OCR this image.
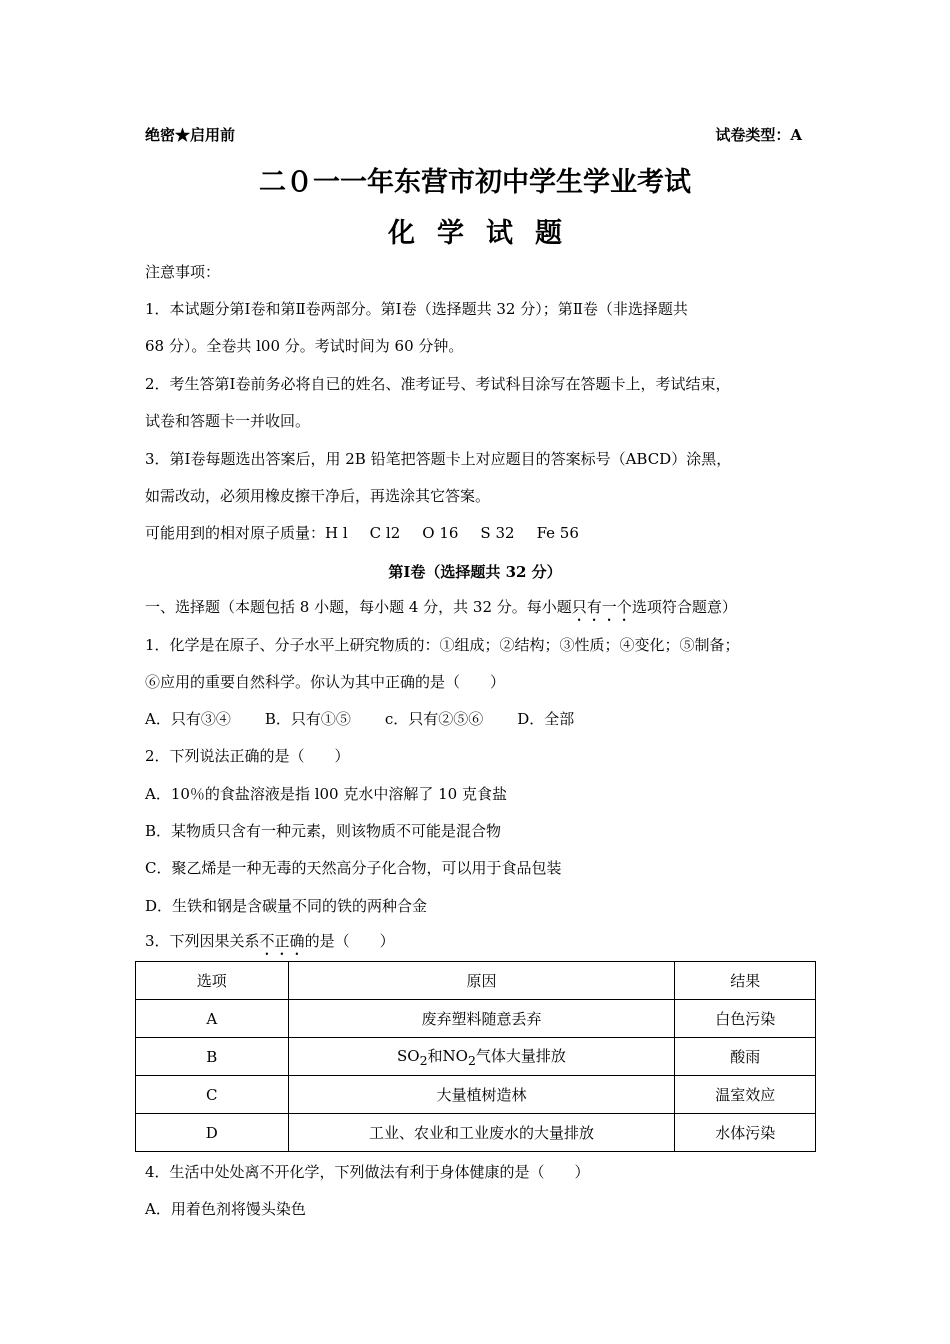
绝密★启用前	试卷类型：A
二０一一年东营市初中学生学业考试
化学试题
注意事项：
1．本试题分第Ⅰ卷和第Ⅱ卷两部分。第Ⅰ卷（选择题共 32 分）；第Ⅱ卷（非选择题共
68 分）。全卷共 l00 分。考试时间为 60 分钟。
2．考生答第Ⅰ卷前务必将自已的姓名、准考证号、考试科目涂写在答题卡上，考试结束，
试卷和答题卡一并收回。
3．第Ⅰ卷每题选出答案后，用 2B 铅笔把答题卡上对应题目的答案标号（ABCD）涂黑，
如需改动，必须用橡皮擦干净后，再选涂其它答案。
可能用到的相对原子质量：H l C l2 O 16 S 32 Fe 56
第Ⅰ卷（选择题共 32 分）
一、选择题（本题包括 8 小题，每小题 4 分，共 32 分。每小题只有一个选项符合题意）
1．化学是在原子、分子水平上研究物质的：①组成；②结构；③性质；④变化；⑤制备；
⑥应用的重要自然科学。你认为其中正确的是（　　）
A．只有③④ B．只有①⑤ c．只有②⑤⑥ D．全部
2．下列说法正确的是（　　）
A．10％的食盐溶液是指 l00 克水中溶解了 10 克食盐
B．某物质只含有一种元素，则该物质不可能是混合物
C．聚乙烯是一种无毒的天然高分子化合物，可以用于食品包装
D．生铁和钢是含碳量不同的铁的两种合金
3．下列因果关系不正确的是（　　）
选项	原因	结果
A	废弃塑料随意丢弃	白色污染
B	$SO_2$和$NO_2$气体大量排放	酸雨
C	大量植树造林	温室效应
D	工业、农业和工业废水的大量排放	水体污染
4．生活中处处离不开化学，下列做法有利于身体健康的是（　　）
A．用着色剂将馒头染色
